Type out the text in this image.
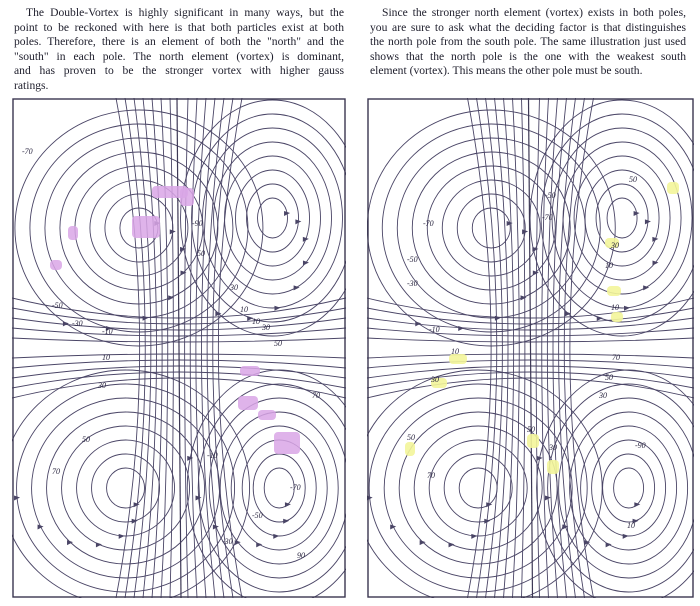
The Double-Vortex is highly significant in many ways, but the
point to be reckoned with here is that both particles exist at both
poles. Therefore, there is an element of both the "north" and the
"south" in each pole. The north element (vortex) is dominant,
and has proven to be the stronger vortex with higher gauss
ratings.
Since the stronger north element (vortex) exists in both poles,
you are sure to ask what the deciding factor is that distinguishes
the north pole from the south pole. The same illustration just used
shows that the north pole is the one with the weakest south
element (vortex). This means the other pole must be south.
-70
-50
-30
-10
10
30
50
70
-90
50
30
10
10
30
50
70
-70
-50
-30
-10
90
-70
-50
-30
-10
10
30
50
70
50
30
10
10
30
50
-90
70
50
30
10
-50
-70
